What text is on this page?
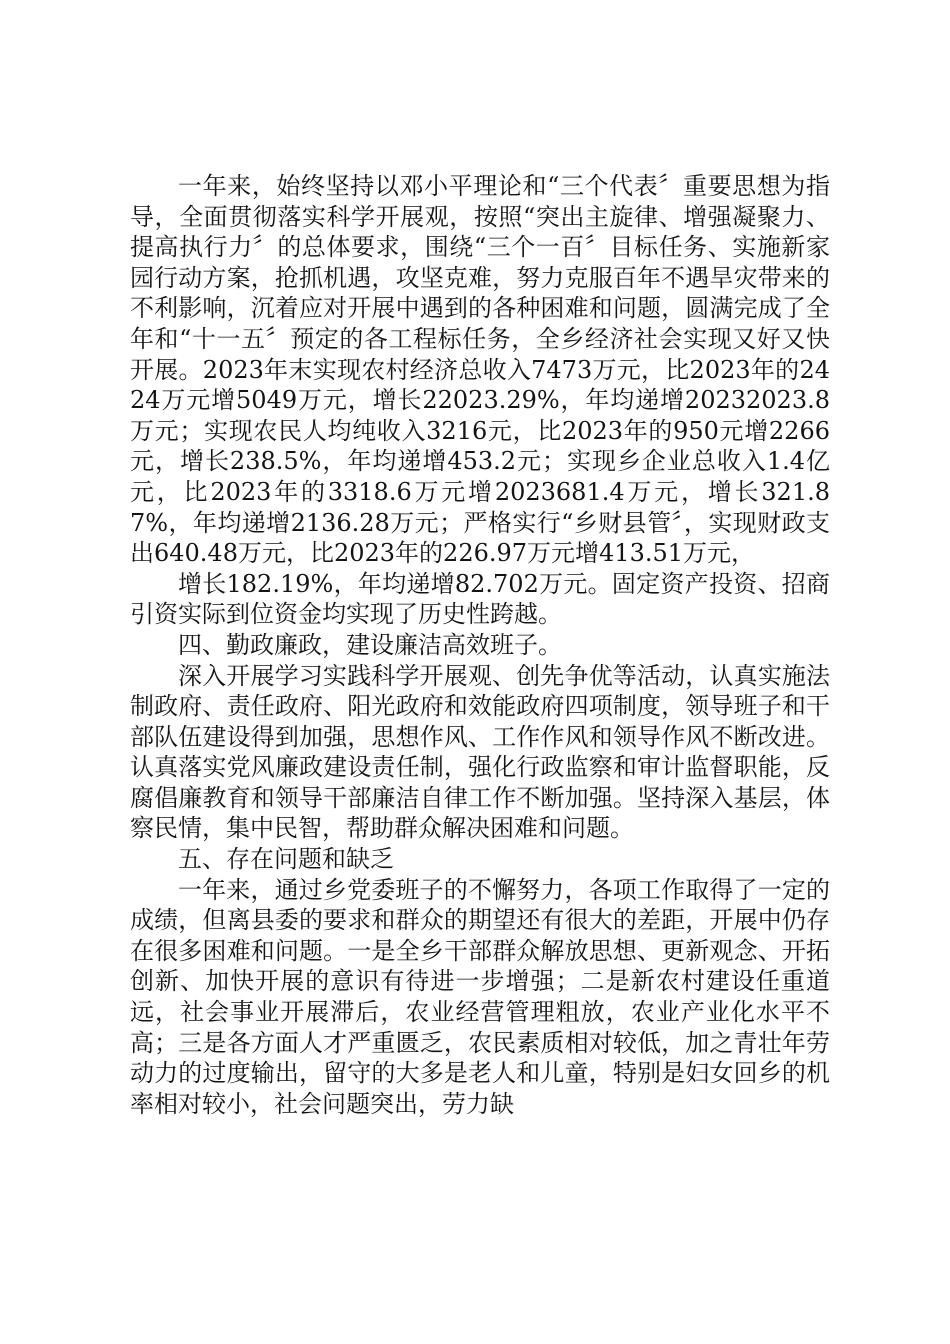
一年来，始终坚持以邓小平理论和“三个代表〞重要思想为指导，全面贯彻落实科学开展观，按照“突出主旋律、增强凝聚力、提高执行力〞的总体要求，围绕“三个一百〞目标任务、实施新家园行动方案，抢抓机遇，攻坚克难，努力克服百年不遇旱灾带来的不利影响，沉着应对开展中遇到的各种困难和问题，圆满完成了全年和“十一五〞预定的各工程标任务，全乡经济社会实现又好又快开展。2023年末实现农村经济总收入7473万元，比2023年的2424万元增5049万元，增长22023.29%，年均递增20232023.8万元；实现农民人均纯收入3216元，比2023年的950元增2266元，增长238.5%，年均递增453.2元；实现乡企业总收入1.4亿元，比2023年的3318.6万元增2023681.4万元，增长321.87%，年均递增2136.28万元；严格实行“乡财县管〞，实现财政支出640.48万元，比2023年的226.97万元增413.51万元，

增长182.19%，年均递增82.702万元。固定资产投资、招商引资实际到位资金均实现了历史性跨越。

四、勤政廉政，建设廉洁高效班子。

深入开展学习实践科学开展观、创先争优等活动，认真实施法制政府、责任政府、阳光政府和效能政府四项制度，领导班子和干部队伍建设得到加强，思想作风、工作作风和领导作风不断改进。认真落实党风廉政建设责任制，强化行政监察和审计监督职能，反腐倡廉教育和领导干部廉洁自律工作不断加强。坚持深入基层，体察民情，集中民智，帮助群众解决困难和问题。

五、存在问题和缺乏

一年来，通过乡党委班子的不懈努力，各项工作取得了一定的成绩，但离县委的要求和群众的期望还有很大的差距，开展中仍存在很多困难和问题。一是全乡干部群众解放思想、更新观念、开拓创新、加快开展的意识有待进一步增强；二是新农村建设任重道远，社会事业开展滞后，农业经营管理粗放，农业产业化水平不高；三是各方面人才严重匮乏，农民素质相对较低，加之青壮年劳动力的过度输出，留守的大多是老人和儿童，特别是妇女回乡的机率相对较小，社会问题突出，劳力缺
